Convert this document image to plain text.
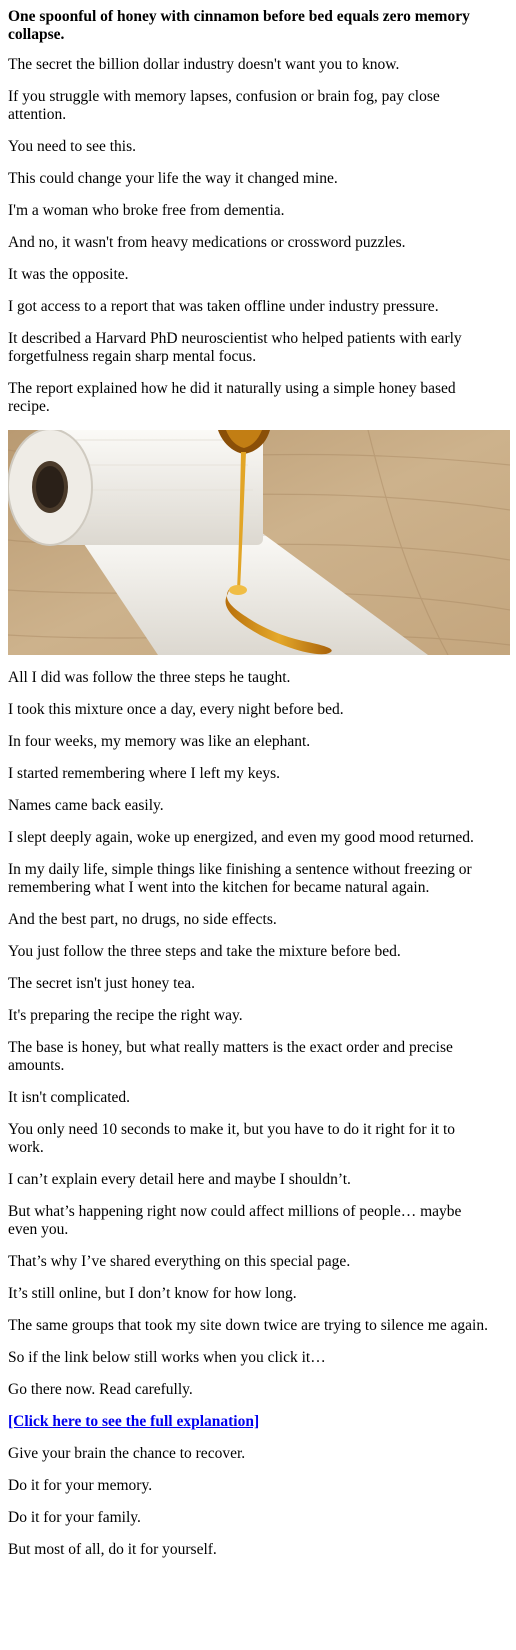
One spoonful of honey with cinnamon before bed equals zero memory collapse.

The secret the billion dollar industry doesn't want you to know.

If you struggle with memory lapses, confusion or brain fog, pay close attention.

You need to see this.

This could change your life the way it changed mine.

I'm a woman who broke free from dementia.

And no, it wasn't from heavy medications or crossword puzzles.

It was the opposite.

I got access to a report that was taken offline under industry pressure.

It described a Harvard PhD neuroscientist who helped patients with early forgetfulness regain sharp mental focus.

The report explained how he did it naturally using a simple honey based recipe.

All I did was follow the three steps he taught.

I took this mixture once a day, every night before bed.

In four weeks, my memory was like an elephant.

I started remembering where I left my keys.

Names came back easily.

I slept deeply again, woke up energized, and even my good mood returned.

In my daily life, simple things like finishing a sentence without freezing or remembering what I went into the kitchen for became natural again.

And the best part, no drugs, no side effects.

You just follow the three steps and take the mixture before bed.

The secret isn't just honey tea.

It's preparing the recipe the right way.

The base is honey, but what really matters is the exact order and precise amounts.

It isn't complicated.

You only need 10 seconds to make it, but you have to do it right for it to work.

I can’t explain every detail here and maybe I shouldn’t.

But what’s happening right now could affect millions of people… maybe even you.

That’s why I’ve shared everything on this special page.

It’s still online, but I don’t know for how long.

The same groups that took my site down twice are trying to silence me again.

So if the link below still works when you click it…

Go there now. Read carefully.

[Click here to see the full explanation]

Give your brain the chance to recover.

Do it for your memory.

Do it for your family.

But most of all, do it for yourself.
